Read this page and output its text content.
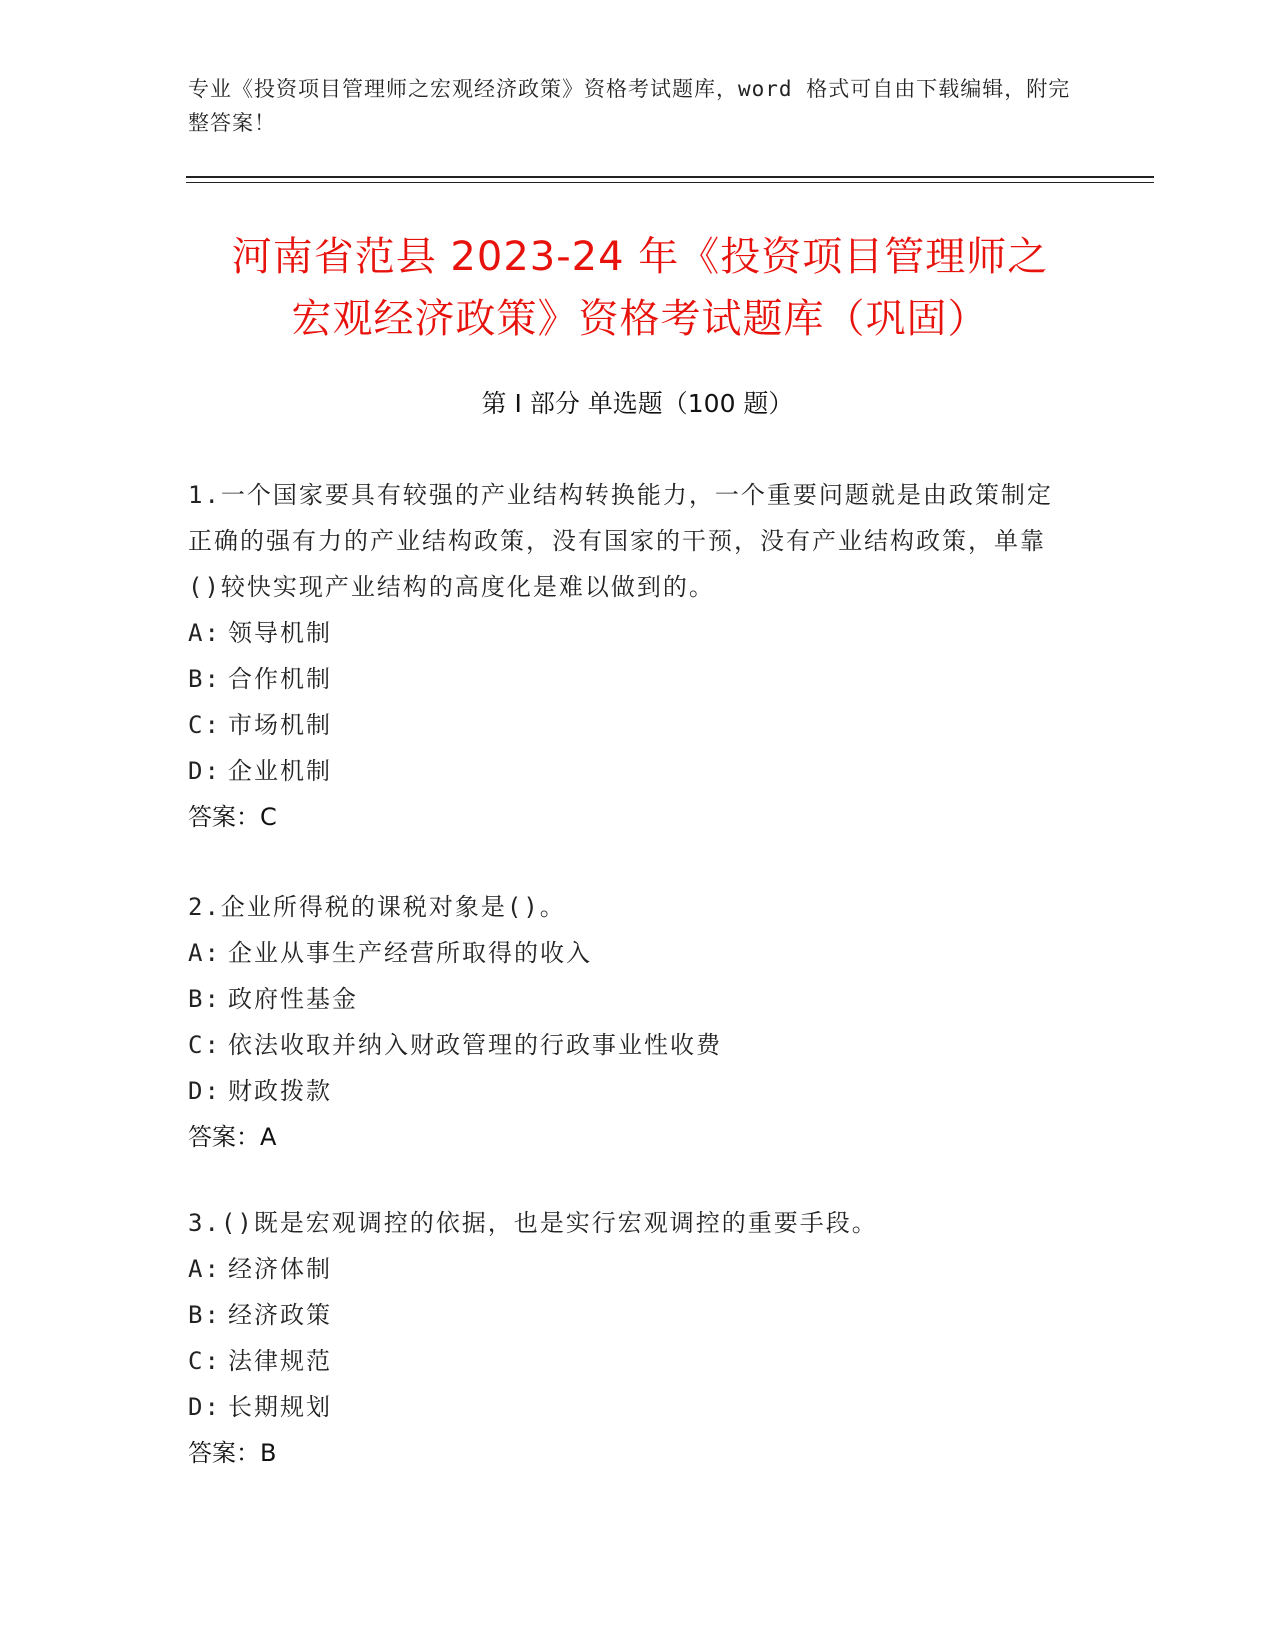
专业《投资项目管理师之宏观经济政策》资格考试题库，word 格式可自由下载编辑，附完整答案！
河南省范县 2023-24 年《投资项目管理师之
宏观经济政策》资格考试题库（巩固）
第 I 部分 单选题（100 题）
1.一个国家要具有较强的产业结构转换能力，一个重要问题就是由政策制定正确的强有力的产业结构政策，没有国家的干预，没有产业结构政策，单靠()较快实现产业结构的高度化是难以做到的。
A: 领导机制
B: 合作机制
C: 市场机制
D: 企业机制
答案：C
2.企业所得税的课税对象是()。
A: 企业从事生产经营所取得的收入
B: 政府性基金
C: 依法收取并纳入财政管理的行政事业性收费
D: 财政拨款
答案：A
3.()既是宏观调控的依据，也是实行宏观调控的重要手段。
A: 经济体制
B: 经济政策
C: 法律规范
D: 长期规划
答案：B
